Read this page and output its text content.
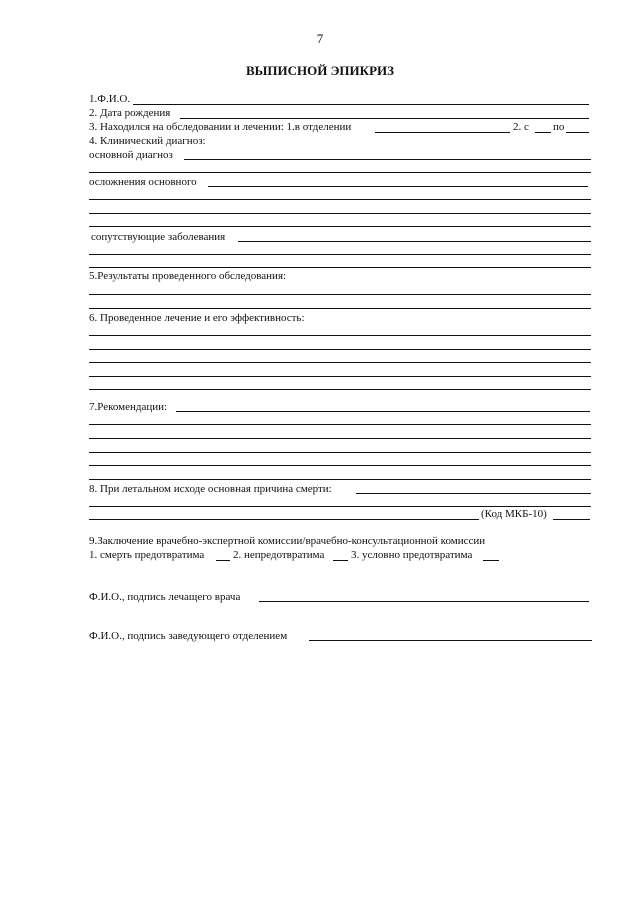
7
ВЫПИСНОЙ ЭПИКРИЗ
1.Ф.И.О.
2. Дата рождения
3. Находился на обследовании и лечении: 1.в отделении	2. с по
4. Клинический диагноз:
основной диагноз
осложнения основного
сопутствующие заболевания
5.Результаты проведенного обследования:
6. Проведенное лечение и его эффективность:
7.Рекомендации:
8. При летальном исходе основная причина смерти:
(Код МКБ-10)
9.Заключение врачебно-экспертной комиссии/врачебно-консультационной комиссии
1. смерть предотвратима	2. непредотвратима 3. условно предотвратима
Ф.И.О., подпись лечащего врача
Ф.И.О., подпись заведующего отделением
